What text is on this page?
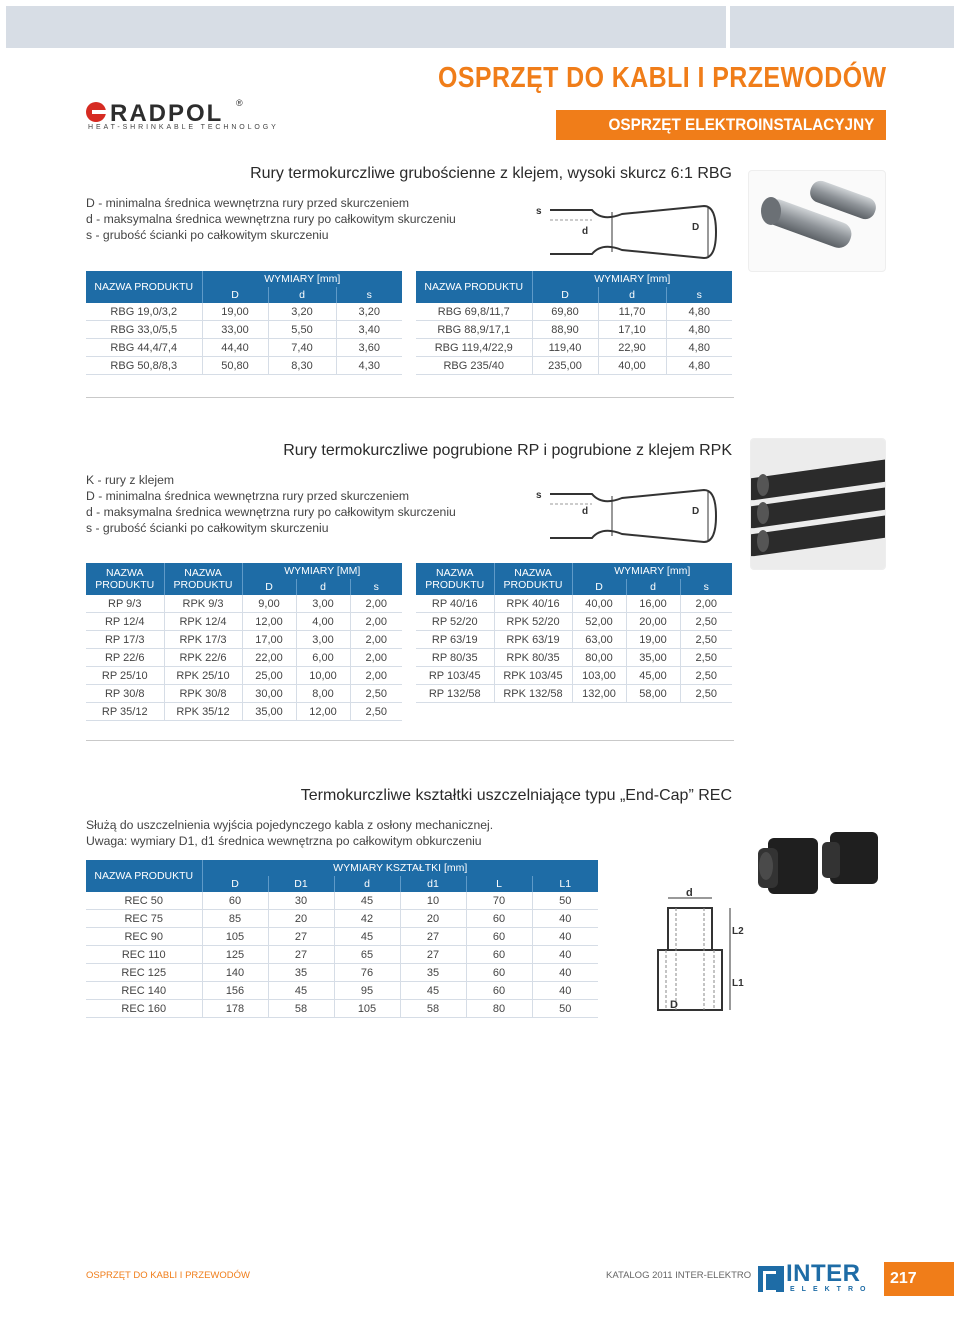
RADPOL ®
HEAT-SHRINKABLE TECHNOLOGY
OSPRZĘT DO KABLI I PRZEWODÓW
OSPRZĘT ELEKTROINSTALACYJNY
Rury termokurczliwe grubościenne z klejem, wysoki skurcz 6:1 RBG
D - minimalna średnica wewnętrzna rury przed skurczeniem
d - maksymalna średnica wewnętrzna rury po całkowitym skurczeniu
s - grubość ścianki po całkowitym skurczeniu
s
d	D
NAZWA PRODUKTU	WYMIARY [mm]		
	D	d	s
RBG 19,0/3,2	19,00	3,20	3,20
RBG 33,0/5,5	33,00	5,50	3,40
RBG 44,4/7,4	44,40	7,40	3,60
RBG 50,8/8,3	50,80	8,30	4,30
NAZWA PRODUKTU	WYMIARY [mm]		
	D	d	s
RBG 69,8/11,7	69,80	11,70	4,80
RBG 88,9/17,1	88,90	17,10	4,80
RBG 119,4/22,9	119,40	22,90	4,80
RBG 235/40	235,00	40,00	4,80
Rury termokurczliwe pogrubione RP i pogrubione z klejem RPK
K - rury z klejem
D - minimalna średnica wewnętrzna rury przed skurczeniem
d - maksymalna średnica wewnętrzna rury po całkowitym skurczeniu
s - grubość ścianki po całkowitym skurczeniu
s
d	D
NAZWA PRODUKTU	NAZWA PRODUKTU	WYMIARY [MM]		
		D	d	s
RP 9/3	RPK 9/3	9,00	3,00	2,00
RP 12/4	RPK 12/4	12,00	4,00	2,00
RP 17/3	RPK 17/3	17,00	3,00	2,00
RP 22/6	RPK 22/6	22,00	6,00	2,00
RP 25/10	RPK 25/10	25,00	10,00	2,00
RP 30/8	RPK 30/8	30,00	8,00	2,50
RP 35/12	RPK 35/12	35,00	12,00	2,50
NAZWA PRODUKTU	NAZWA PRODUKTU	WYMIARY [mm]		
		D	d	s
RP 40/16	RPK 40/16	40,00	16,00	2,00
RP 52/20	RPK 52/20	52,00	20,00	2,50
RP 63/19	RPK 63/19	63,00	19,00	2,50
RP 80/35	RPK 80/35	80,00	35,00	2,50
RP 103/45	RPK 103/45	103,00	45,00	2,50
RP 132/58	RPK 132/58	132,00	58,00	2,50
Termokurczliwe kształtki uszczelniające typu „End-Cap” REC
Służą do uszczelnienia wyjścia pojedynczego kabla z osłony mechanicznej.
Uwaga: wymiary D1, d1 średnica wewnętrzna po całkowitym obkurczeniu
d
L2
L1
D
NAZWA PRODUKTU	WYMIARY KSZTAŁTKI [mm]					
	D	D1	d	d1	L	L1
REC 50	60	30	45	10	70	50
REC 75	85	20	42	20	60	40
REC 90	105	27	45	27	60	40
REC 110	125	27	65	27	60	40
REC 125	140	35	76	35	60	40
REC 140	156	45	95	45	60	40
REC 160	178	58	105	58	80	50
OSPRZĘT DO KABLI I PRZEWODÓW	KATALOG 2011 INTER-ELEKTRO INTER
ELEKTRO
217
